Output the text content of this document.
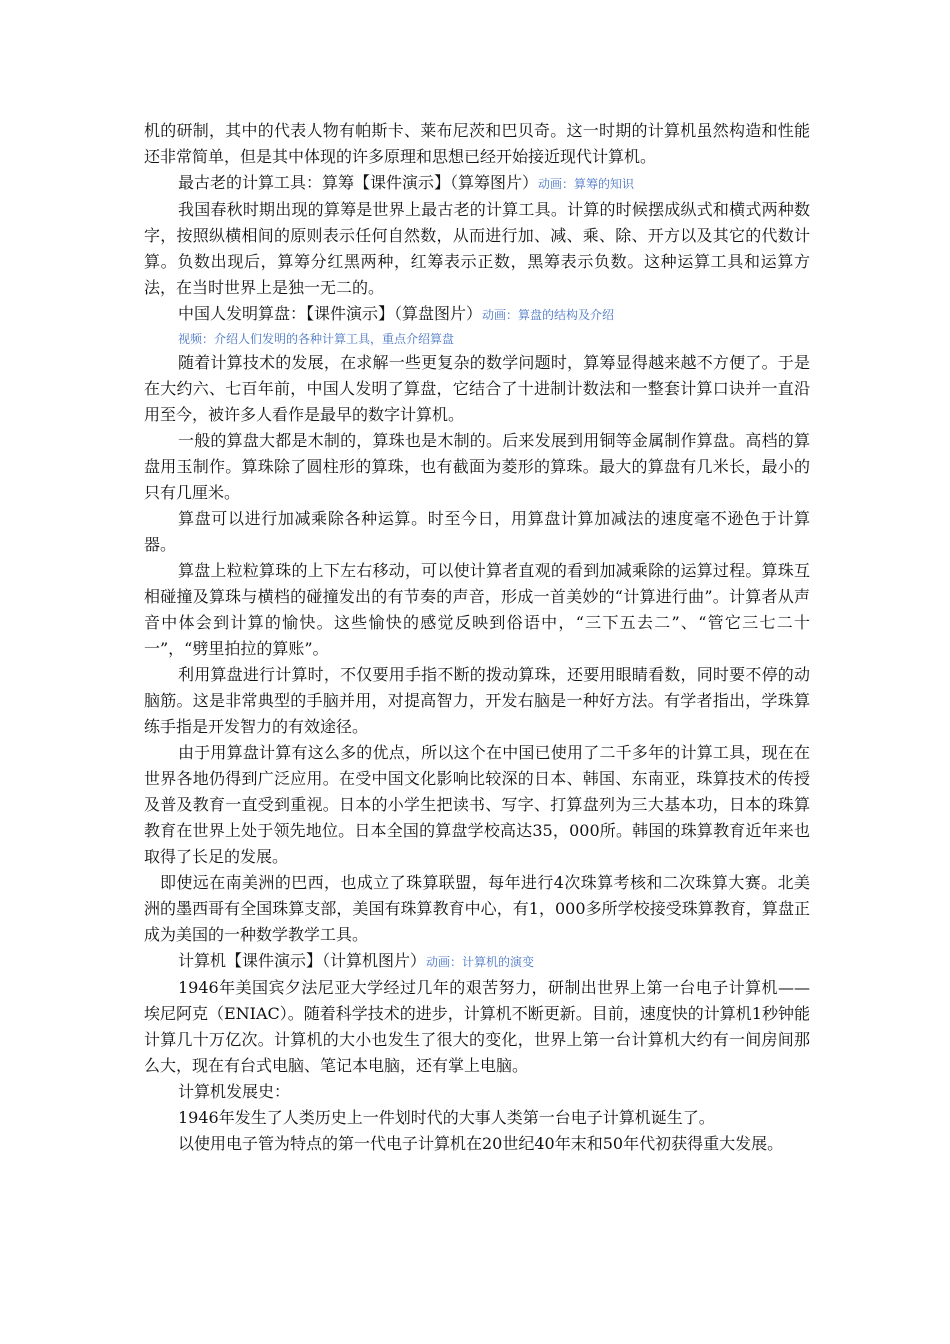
机的研制，其中的代表人物有帕斯卡、莱布尼茨和巴贝奇。这一时期的计算机虽然构造和性能还非常简单，但是其中体现的许多原理和思想已经开始接近现代计算机。

最古老的计算工具：算筹【课件演示】（算筹图片）动画：算筹的知识

我国春秋时期出现的算筹是世界上最古老的计算工具。计算的时候摆成纵式和横式两种数字，按照纵横相间的原则表示任何自然数，从而进行加、减、乘、除、开方以及其它的代数计算。负数出现后，算筹分红黑两种，红筹表示正数，黑筹表示负数。这种运算工具和运算方法，在当时世界上是独一无二的。

中国人发明算盘：【课件演示】（算盘图片）动画：算盘的结构及介绍

视频：介绍人们发明的各种计算工具，重点介绍算盘

随着计算技术的发展，在求解一些更复杂的数学问题时，算筹显得越来越不方便了。于是在大约六、七百年前，中国人发明了算盘，它结合了十进制计数法和一整套计算口诀并一直沿用至今，被许多人看作是最早的数字计算机。

一般的算盘大都是木制的，算珠也是木制的。后来发展到用铜等金属制作算盘。高档的算盘用玉制作。算珠除了圆柱形的算珠，也有截面为菱形的算珠。最大的算盘有几米长，最小的只有几厘米。

算盘可以进行加减乘除各种运算。时至今日，用算盘计算加减法的速度毫不逊色于计算器。

算盘上粒粒算珠的上下左右移动，可以使计算者直观的看到加减乘除的运算过程。算珠互相碰撞及算珠与横档的碰撞发出的有节奏的声音，形成一首美妙的“计算进行曲”。计算者从声音中体会到计算的愉快。这些愉快的感觉反映到俗语中，“三下五去二”、“管它三七二十一”，“劈里拍拉的算账”。

利用算盘进行计算时，不仅要用手指不断的拨动算珠，还要用眼睛看数，同时要不停的动脑筋。这是非常典型的手脑并用，对提高智力，开发右脑是一种好方法。有学者指出，学珠算练手指是开发智力的有效途径。

由于用算盘计算有这么多的优点，所以这个在中国已使用了二千多年的计算工具，现在在世界各地仍得到广泛应用。在受中国文化影响比较深的日本、韩国、东南亚，珠算技术的传授及普及教育一直受到重视。日本的小学生把读书、写字、打算盘列为三大基本功，日本的珠算教育在世界上处于领先地位。日本全国的算盘学校高达35，000所。韩国的珠算教育近年来也取得了长足的发展。

即使远在南美洲的巴西，也成立了珠算联盟，每年进行4次珠算考核和二次珠算大赛。北美洲的墨西哥有全国珠算支部，美国有珠算教育中心，有1，000多所学校接受珠算教育，算盘正成为美国的一种数学教学工具。

计算机【课件演示】（计算机图片）动画：计算机的演变

1946年美国宾夕法尼亚大学经过几年的艰苦努力，研制出世界上第一台电子计算机——埃尼阿克（ENIAC）。随着科学技术的进步，计算机不断更新。目前，速度快的计算机1秒钟能计算几十万亿次。计算机的大小也发生了很大的变化，世界上第一台计算机大约有一间房间那么大，现在有台式电脑、笔记本电脑，还有掌上电脑。

计算机发展史：

1946年发生了人类历史上一件划时代的大事人类第一台电子计算机诞生了。

以使用电子管为特点的第一代电子计算机在20世纪40年末和50年代初获得重大发展。
